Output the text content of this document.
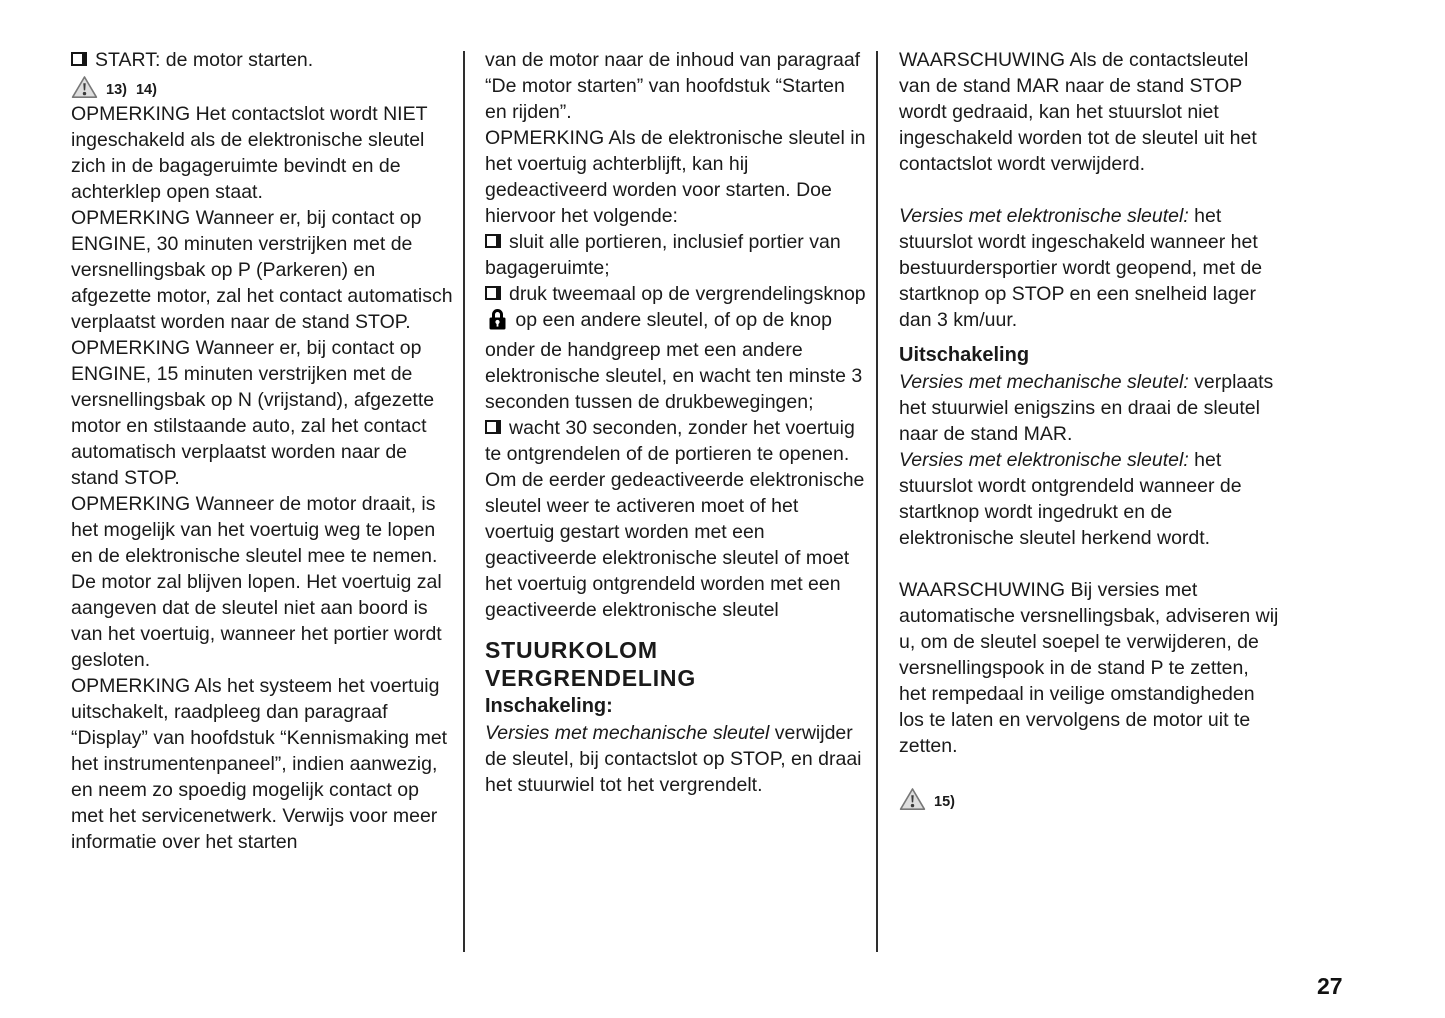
START: de motor starten.

13) 14)

OPMERKING Het contactslot wordt NIET ingeschakeld als de elektronische sleutel zich in de bagageruimte bevindt en de achterklep open staat.

OPMERKING Wanneer er, bij contact op ENGINE, 30 minuten verstrijken met de versnellingsbak op P (Parkeren) en afgezette motor, zal het contact automatisch verplaatst worden naar de stand STOP.

OPMERKING Wanneer er, bij contact op ENGINE, 15 minuten verstrijken met de versnellingsbak op N (vrijstand), afgezette motor en stilstaande auto, zal het contact automatisch verplaatst worden naar de stand STOP.

OPMERKING Wanneer de motor draait, is het mogelijk van het voertuig weg te lopen en de elektronische sleutel mee te nemen. De motor zal blijven lopen. Het voertuig zal aangeven dat de sleutel niet aan boord is van het voertuig, wanneer het portier wordt gesloten.

OPMERKING Als het systeem het voertuig uitschakelt, raadpleeg dan paragraaf “Display” van hoofdstuk “Kennismaking met het instrumentenpaneel”, indien aanwezig, en neem zo spoedig mogelijk contact op met het servicenetwerk. Verwijs voor meer informatie over het starten

van de motor naar de inhoud van paragraaf “De motor starten” van hoofdstuk “Starten en rijden”.

OPMERKING Als de elektronische sleutel in het voertuig achterblijft, kan hij gedeactiveerd worden voor starten. Doe hiervoor het volgende:

sluit alle portieren, inclusief portier van bagageruimte;

druk tweemaal op de vergrendelingsknop op een andere sleutel, of op de knop onder de handgreep met een andere elektronische sleutel, en wacht ten minste 3 seconden tussen de drukbewegingen;

wacht 30 seconden, zonder het voertuig te ontgrendelen of de portieren te openen.

Om de eerder gedeactiveerde elektronische sleutel weer te activeren moet of het voertuig gestart worden met een geactiveerde elektronische sleutel of moet het voertuig ontgrendeld worden met een geactiveerde elektronische sleutel

STUURKOLOM VERGRENDELING
Inschakeling:

Versies met mechanische sleutel verwijder de sleutel, bij contactslot op STOP, en draai het stuurwiel tot het vergrendelt.

WAARSCHUWING Als de contactsleutel van de stand MAR naar de stand STOP wordt gedraaid, kan het stuurslot niet ingeschakeld worden tot de sleutel uit het contactslot wordt verwijderd.

Versies met elektronische sleutel: het stuurslot wordt ingeschakeld wanneer het bestuurdersportier wordt geopend, met de startknop op STOP en een snelheid lager dan 3 km/uur.

Uitschakeling

Versies met mechanische sleutel: verplaats het stuurwiel enigszins en draai de sleutel naar de stand MAR.

Versies met elektronische sleutel: het stuurslot wordt ontgrendeld wanneer de startknop wordt ingedrukt en de elektronische sleutel herkend wordt.

WAARSCHUWING Bij versies met automatische versnellingsbak, adviseren wij u, om de sleutel soepel te verwijderen, de versnellingspook in de stand P te zetten, het rempedaal in veilige omstandigheden los te laten en vervolgens de motor uit te zetten.

15)

27
